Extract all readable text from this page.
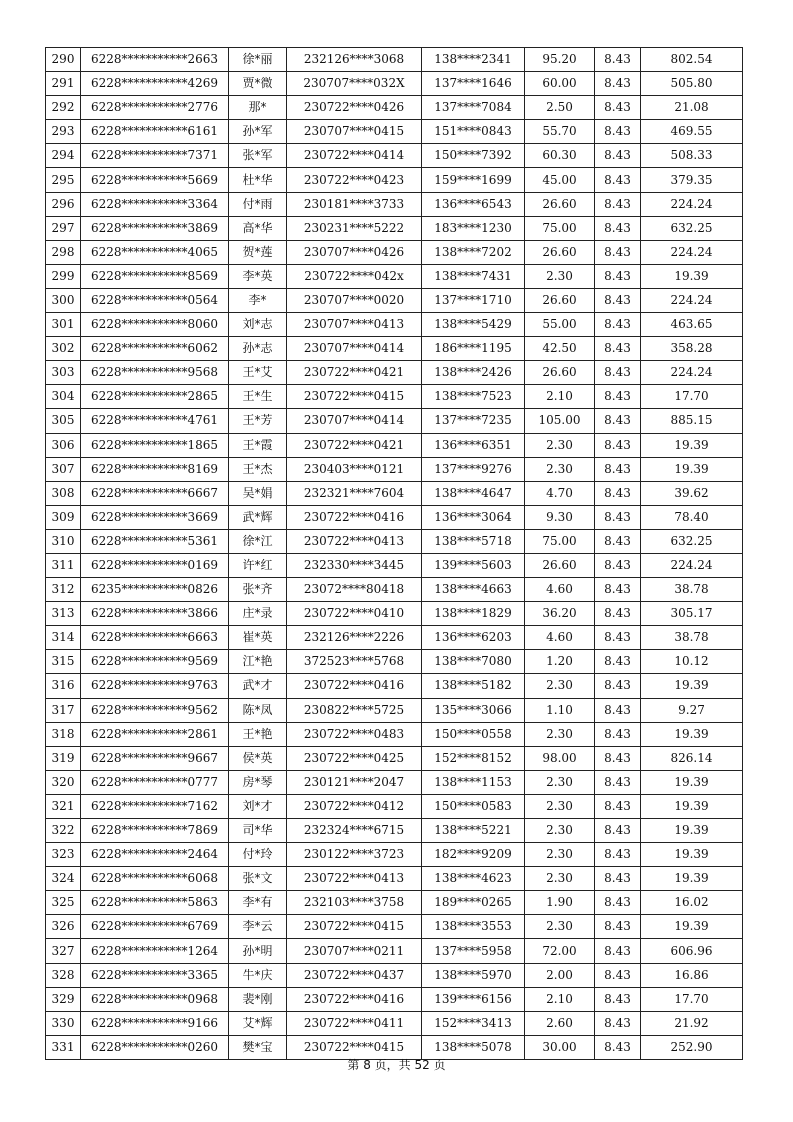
290	6228***********2663	徐*丽	232126****3068	138****2341	95.20	8.43	802.54
291	6228***********4269	贾*微	230707****032X	137****1646	60.00	8.43	505.80
292	6228***********2776	那*	230722****0426	137****7084	2.50	8.43	21.08
293	6228***********6161	孙*军	230707****0415	151****0843	55.70	8.43	469.55
294	6228***********7371	张*军	230722****0414	150****7392	60.30	8.43	508.33
295	6228***********5669	杜*华	230722****0423	159****1699	45.00	8.43	379.35
296	6228***********3364	付*雨	230181****3733	136****6543	26.60	8.43	224.24
297	6228***********3869	高*华	230231****5222	183****1230	75.00	8.43	632.25
298	6228***********4065	贺*莲	230707****0426	138****7202	26.60	8.43	224.24
299	6228***********8569	李*英	230722****042x	138****7431	2.30	8.43	19.39
300	6228***********0564	李*	230707****0020	137****1710	26.60	8.43	224.24
301	6228***********8060	刘*志	230707****0413	138****5429	55.00	8.43	463.65
302	6228***********6062	孙*志	230707****0414	186****1195	42.50	8.43	358.28
303	6228***********9568	王*艾	230722****0421	138****2426	26.60	8.43	224.24
304	6228***********2865	王*生	230722****0415	138****7523	2.10	8.43	17.70
305	6228***********4761	王*芳	230707****0414	137****7235	105.00	8.43	885.15
306	6228***********1865	王*霞	230722****0421	136****6351	2.30	8.43	19.39
307	6228***********8169	王*杰	230403****0121	137****9276	2.30	8.43	19.39
308	6228***********6667	吴*娟	232321****7604	138****4647	4.70	8.43	39.62
309	6228***********3669	武*辉	230722****0416	136****3064	9.30	8.43	78.40
310	6228***********5361	徐*江	230722****0413	138****5718	75.00	8.43	632.25
311	6228***********0169	许*红	232330****3445	139****5603	26.60	8.43	224.24
312	6235***********0826	张*齐	23072****80418	138****4663	4.60	8.43	38.78
313	6228***********3866	庄*录	230722****0410	138****1829	36.20	8.43	305.17
314	6228***********6663	崔*英	232126****2226	136****6203	4.60	8.43	38.78
315	6228***********9569	江*艳	372523****5768	138****7080	1.20	8.43	10.12
316	6228***********9763	武*才	230722****0416	138****5182	2.30	8.43	19.39
317	6228***********9562	陈*凤	230822****5725	135****3066	1.10	8.43	9.27
318	6228***********2861	王*艳	230722****0483	150****0558	2.30	8.43	19.39
319	6228***********9667	侯*英	230722****0425	152****8152	98.00	8.43	826.14
320	6228***********0777	房*琴	230121****2047	138****1153	2.30	8.43	19.39
321	6228***********7162	刘*才	230722****0412	150****0583	2.30	8.43	19.39
322	6228***********7869	司*华	232324****6715	138****5221	2.30	8.43	19.39
323	6228***********2464	付*玲	230122****3723	182****9209	2.30	8.43	19.39
324	6228***********6068	张*文	230722****0413	138****4623	2.30	8.43	19.39
325	6228***********5863	李*有	232103****3758	189****0265	1.90	8.43	16.02
326	6228***********6769	李*云	230722****0415	138****3553	2.30	8.43	19.39
327	6228***********1264	孙*明	230707****0211	137****5958	72.00	8.43	606.96
328	6228***********3365	牛*庆	230722****0437	138****5970	2.00	8.43	16.86
329	6228***********0968	裴*刚	230722****0416	139****6156	2.10	8.43	17.70
330	6228***********9166	艾*辉	230722****0411	152****3413	2.60	8.43	21.92
331	6228***********0260	樊*宝	230722****0415	138****5078	30.00	8.43	252.90
第 8 页，共 52 页
